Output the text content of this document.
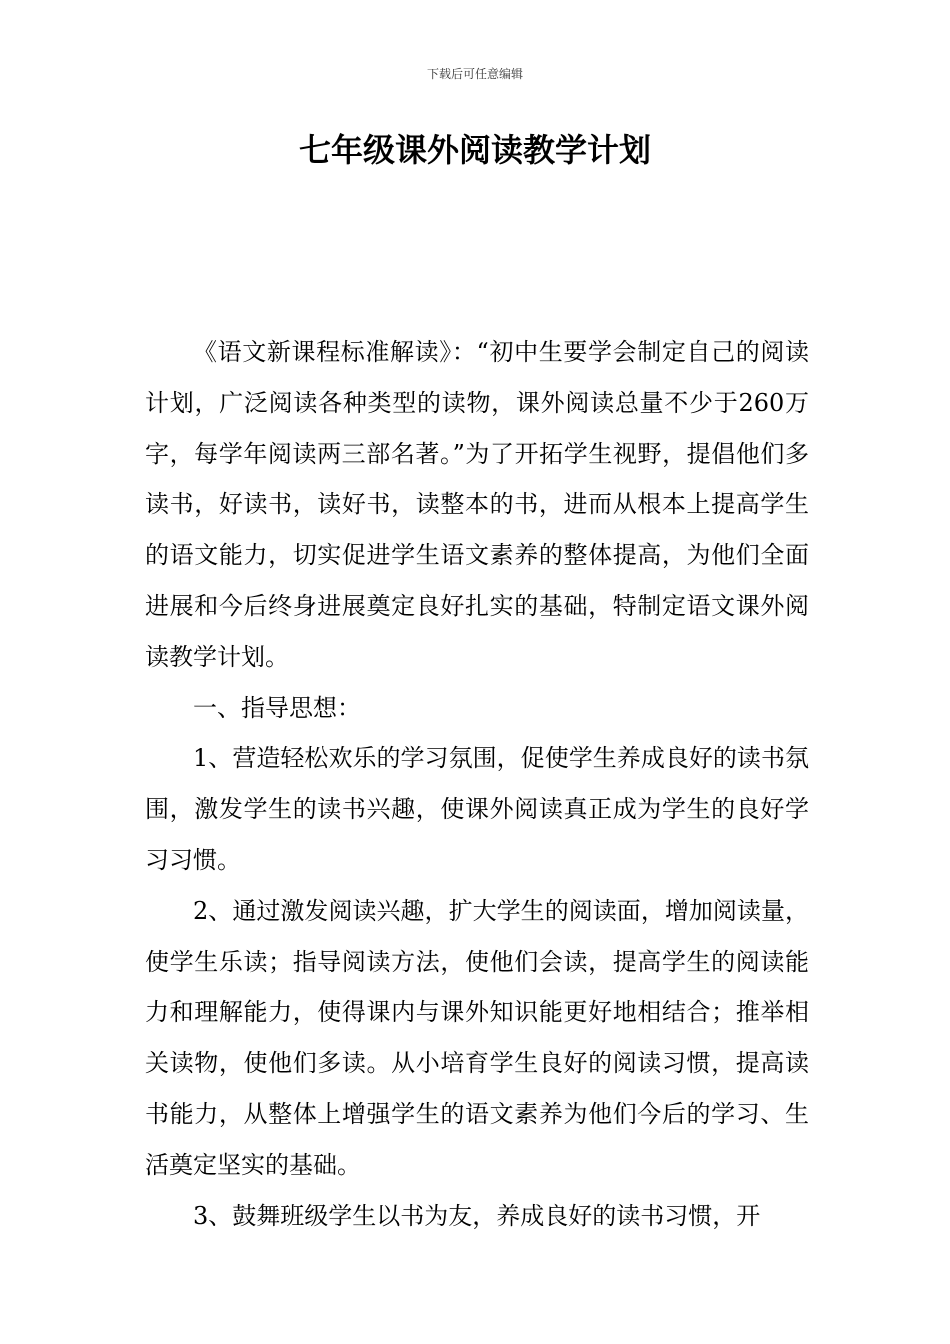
下载后可任意编辑
七年级课外阅读教学计划

《语文新课程标准解读》：“初中生要学会制定自己的阅读计划，广泛阅读各种类型的读物，课外阅读总量不少于260万字，每学年阅读两三部名著。”为了开拓学生视野，提倡他们多读书，好读书，读好书，读整本的书，进而从根本上提高学生的语文能力，切实促进学生语文素养的整体提高，为他们全面进展和今后终身进展奠定良好扎实的基础，特制定语文课外阅读教学计划。

一、指导思想：

1、营造轻松欢乐的学习氛围，促使学生养成良好的读书氛围，激发学生的读书兴趣，使课外阅读真正成为学生的良好学习习惯。

2、通过激发阅读兴趣，扩大学生的阅读面，增加阅读量，使学生乐读；指导阅读方法，使他们会读，提高学生的阅读能力和理解能力，使得课内与课外知识能更好地相结合；推举相关读物，使他们多读。从小培育学生良好的阅读习惯，提高读书能力，从整体上增强学生的语文素养为他们今后的学习、生活奠定坚实的基础。

3、鼓舞班级学生以书为友，养成良好的读书习惯，开
